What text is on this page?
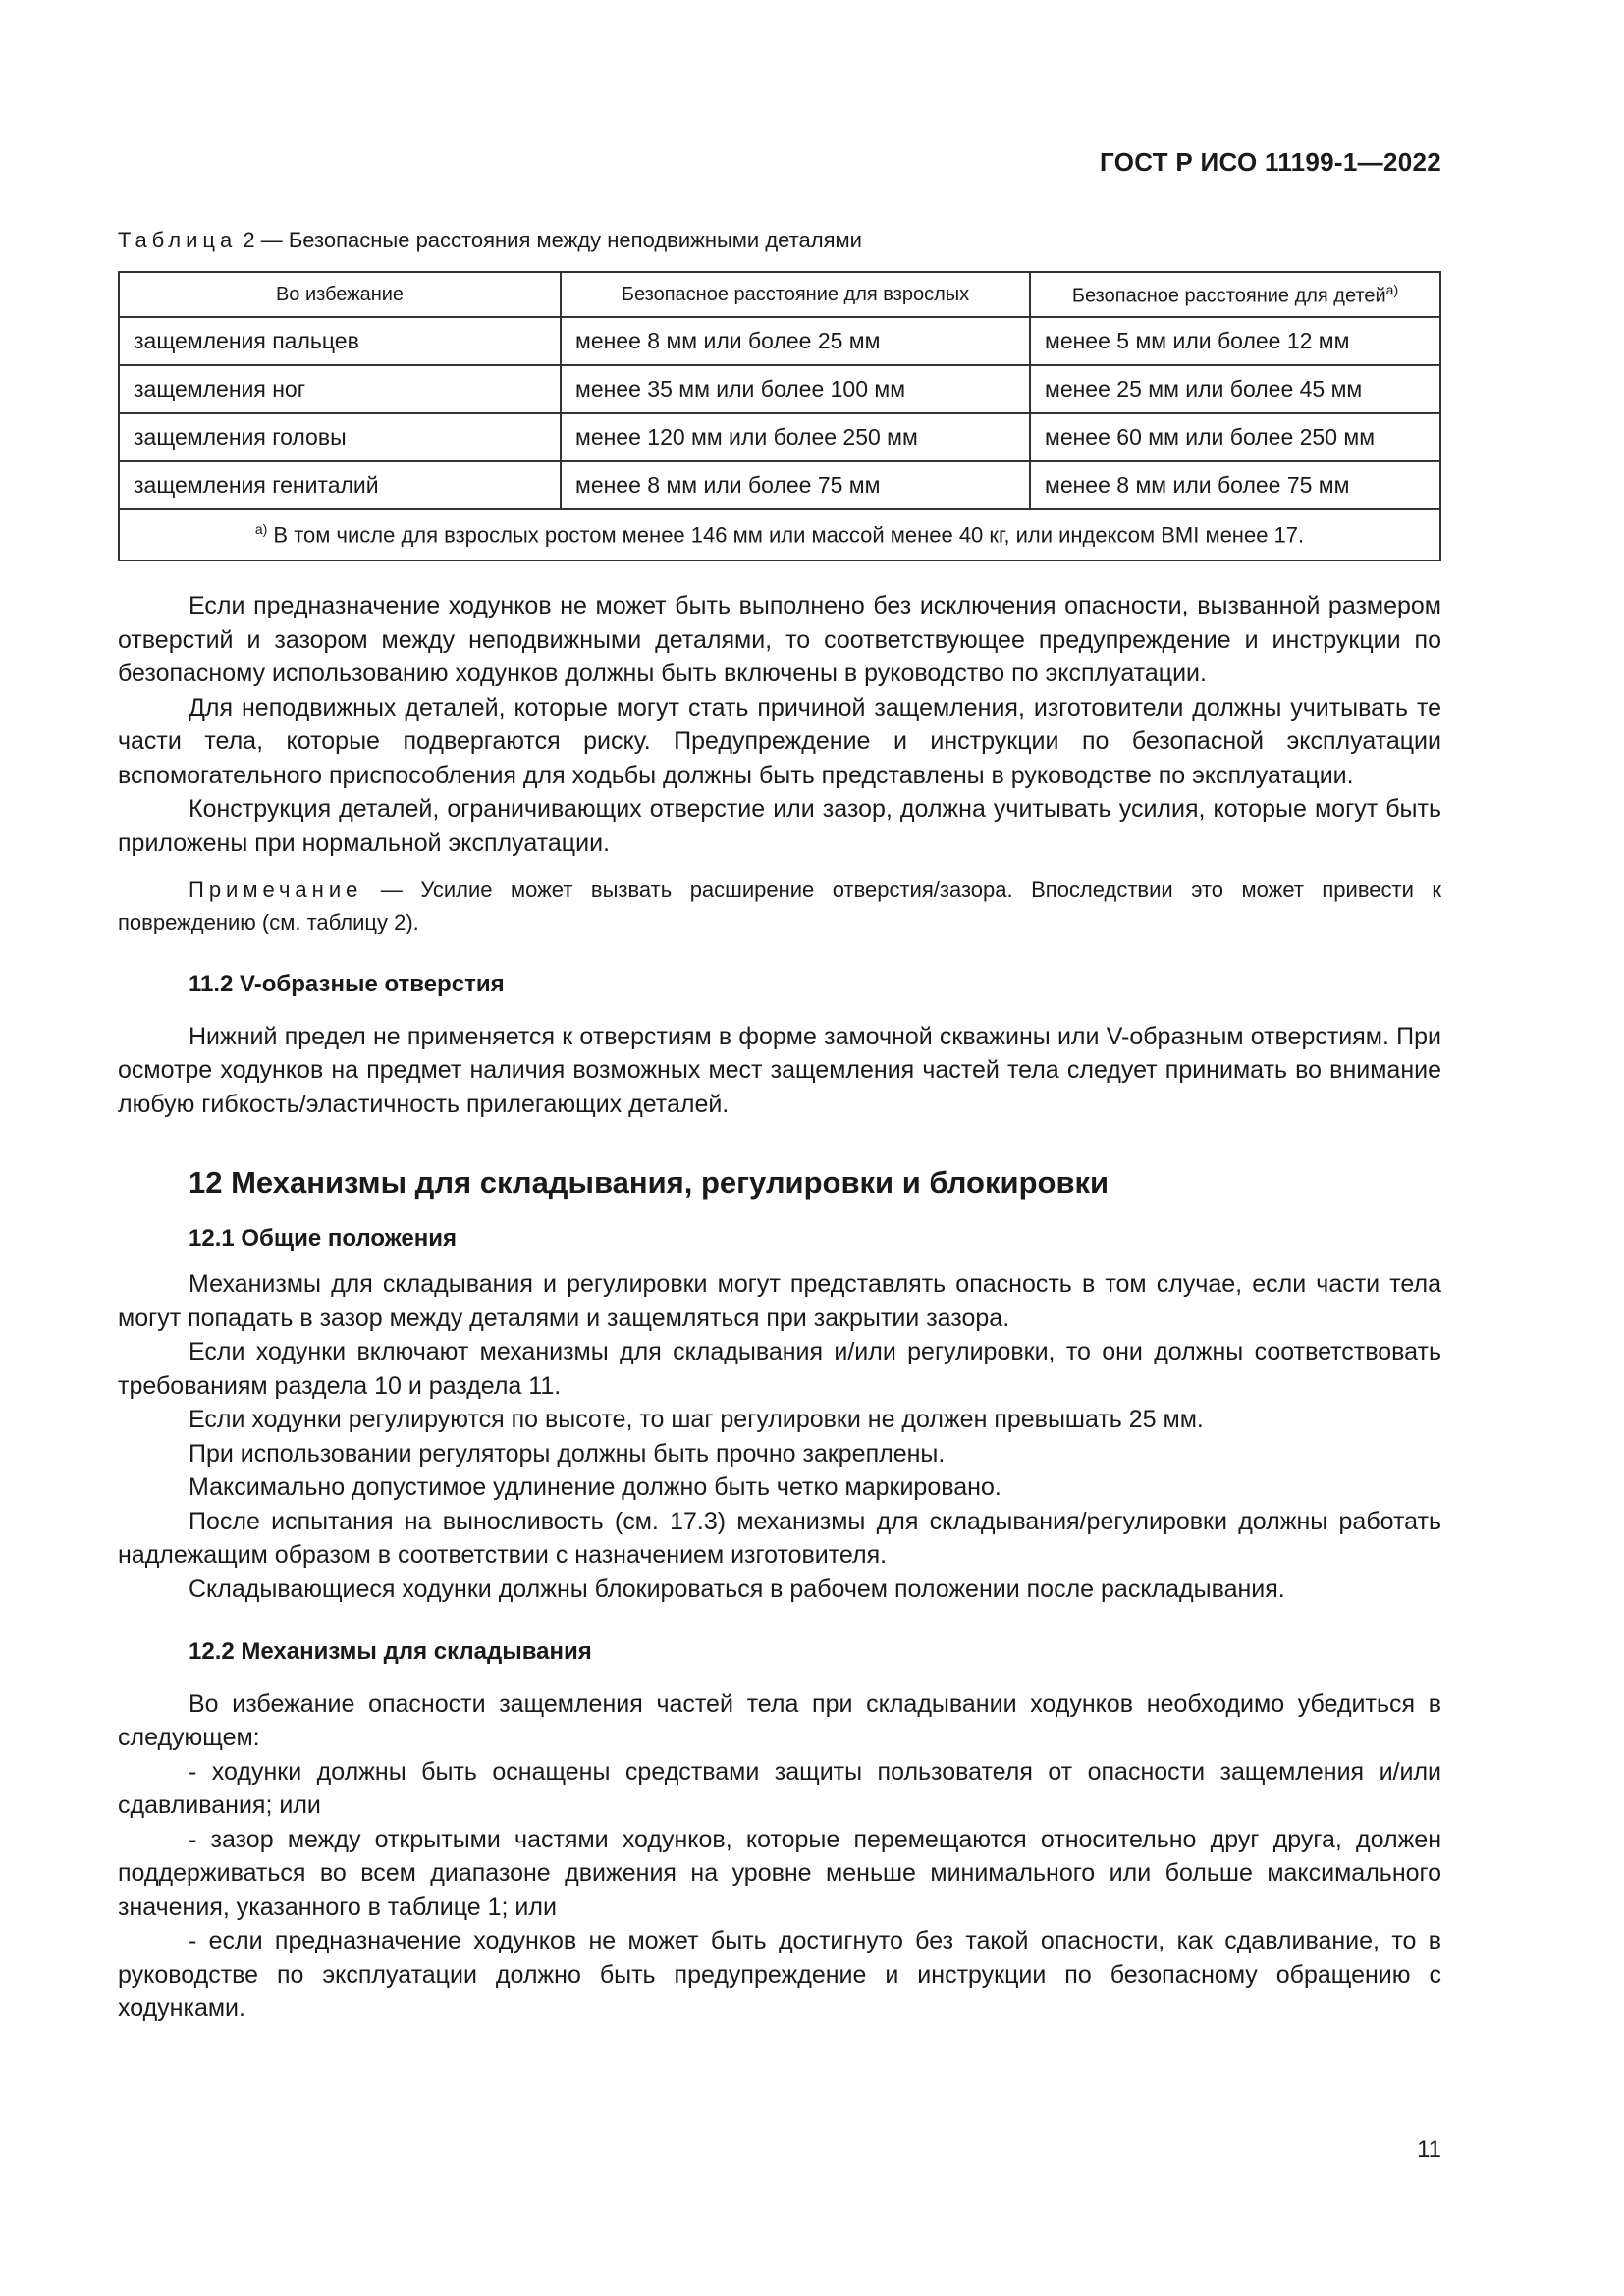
ГОСТ Р ИСО 11199-1—2022
Таблица 2 — Безопасные расстояния между неподвижными деталями
Во избежание	Безопасное расстояние для взрослых	Безопасное расстояние для детей$^{a)}$
защемления пальцев	менее 8 мм или более 25 мм	менее 5 мм или более 12 мм
защемления ног	менее 35 мм или более 100 мм	менее 25 мм или более 45 мм
защемления головы	менее 120 мм или более 250 мм	менее 60 мм или более 250 мм
защемления гениталий	менее 8 мм или более 75 мм	менее 8 мм или более 75 мм
$^{a)}$ В том числе для взрослых ростом менее 146 мм или массой менее 40 кг, или индексом BMI менее 17.		

Если предназначение ходунков не может быть выполнено без исключения опасности, вызванной размером отверстий и зазором между неподвижными деталями, то соответствующее предупреждение и инструкции по безопасному использованию ходунков должны быть включены в руководство по эксплуатации.

Для неподвижных деталей, которые могут стать причиной защемления, изготовители должны учитывать те части тела, которые подвергаются риску. Предупреждение и инструкции по безопасной эксплуатации вспомогательного приспособления для ходьбы должны быть представлены в руководстве по эксплуатации.

Конструкция деталей, ограничивающих отверстие или зазор, должна учитывать усилия, которые могут быть приложены при нормальной эксплуатации.

Примечание — Усилие может вызвать расширение отверстия/зазора. Впоследствии это может привести к повреждению (см. таблицу 2).

11.2 V-образные отверстия

Нижний предел не применяется к отверстиям в форме замочной скважины или V-образным отверстиям. При осмотре ходунков на предмет наличия возможных мест защемления частей тела следует принимать во внимание любую гибкость/эластичность прилегающих деталей.

12 Механизмы для складывания, регулировки и блокировки

12.1 Общие положения

Механизмы для складывания и регулировки могут представлять опасность в том случае, если части тела могут попадать в зазор между деталями и защемляться при закрытии зазора.

Если ходунки включают механизмы для складывания и/или регулировки, то они должны соответствовать требованиям раздела 10 и раздела 11.

Если ходунки регулируются по высоте, то шаг регулировки не должен превышать 25 мм.

При использовании регуляторы должны быть прочно закреплены.

Максимально допустимое удлинение должно быть четко маркировано.

После испытания на выносливость (см. 17.3) механизмы для складывания/регулировки должны работать надлежащим образом в соответствии с назначением изготовителя.

Складывающиеся ходунки должны блокироваться в рабочем положении после раскладывания.

12.2 Механизмы для складывания

Во избежание опасности защемления частей тела при складывании ходунков необходимо убедиться в следующем:

- ходунки должны быть оснащены средствами защиты пользователя от опасности защемления и/или сдавливания; или

- зазор между открытыми частями ходунков, которые перемещаются относительно друг друга, должен поддерживаться во всем диапазоне движения на уровне меньше минимального или больше максимального значения, указанного в таблице 1; или

- если предназначение ходунков не может быть достигнуто без такой опасности, как сдавливание, то в руководстве по эксплуатации должно быть предупреждение и инструкции по безопасному обращению с ходунками.

11
